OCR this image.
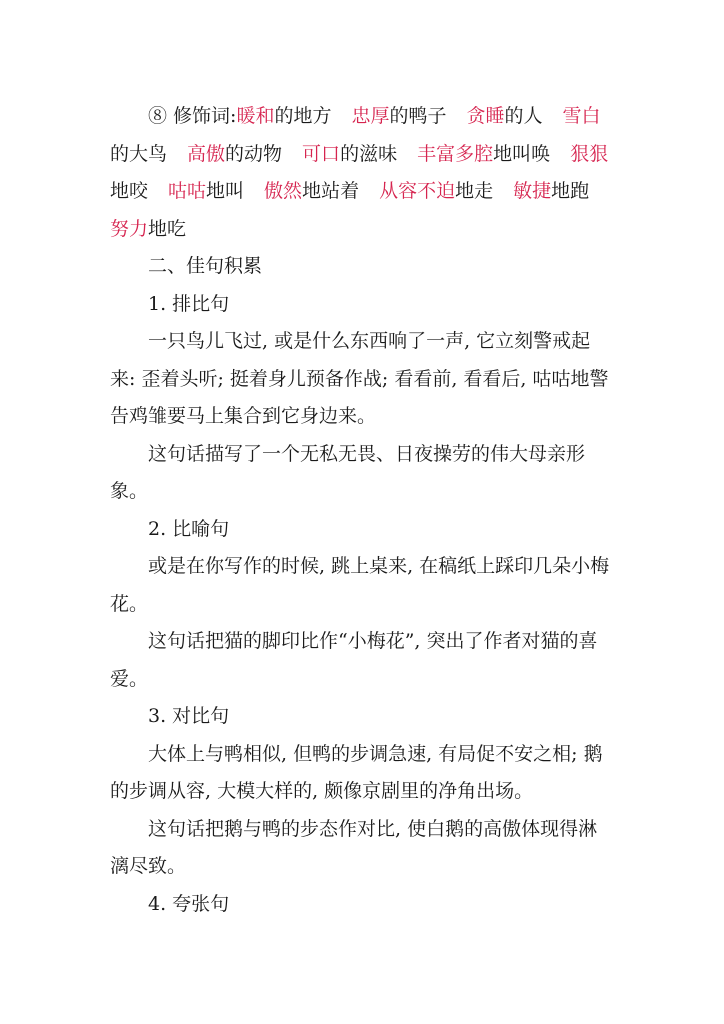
⑧ 修饰词:暖和的地方 忠厚的鸭子 贪睡的人 雪白的大鸟 高傲的动物 可口的滋味 丰富多腔地叫唤 狠狠地咬 咕咕地叫 傲然地站着 从容不迫地走 敏捷地跑努力地吃

二、佳句积累

1. 排比句

一只鸟儿飞过, 或是什么东西响了一声, 它立刻警戒起来: 歪着头听; 挺着身儿预备作战; 看看前, 看看后, 咕咕地警告鸡雏要马上集合到它身边来。

这句话描写了一个无私无畏、日夜操劳的伟大母亲形象。

2. 比喻句

或是在你写作的时候, 跳上桌来, 在稿纸上踩印几朵小梅花。

这句话把猫的脚印比作“小梅花”, 突出了作者对猫的喜爱。

3. 对比句

大体上与鸭相似, 但鸭的步调急速, 有局促不安之相; 鹅的步调从容, 大模大样的, 颇像京剧里的净角出场。

这句话把鹅与鸭的步态作对比, 使白鹅的高傲体现得淋漓尽致。

4. 夸张句
